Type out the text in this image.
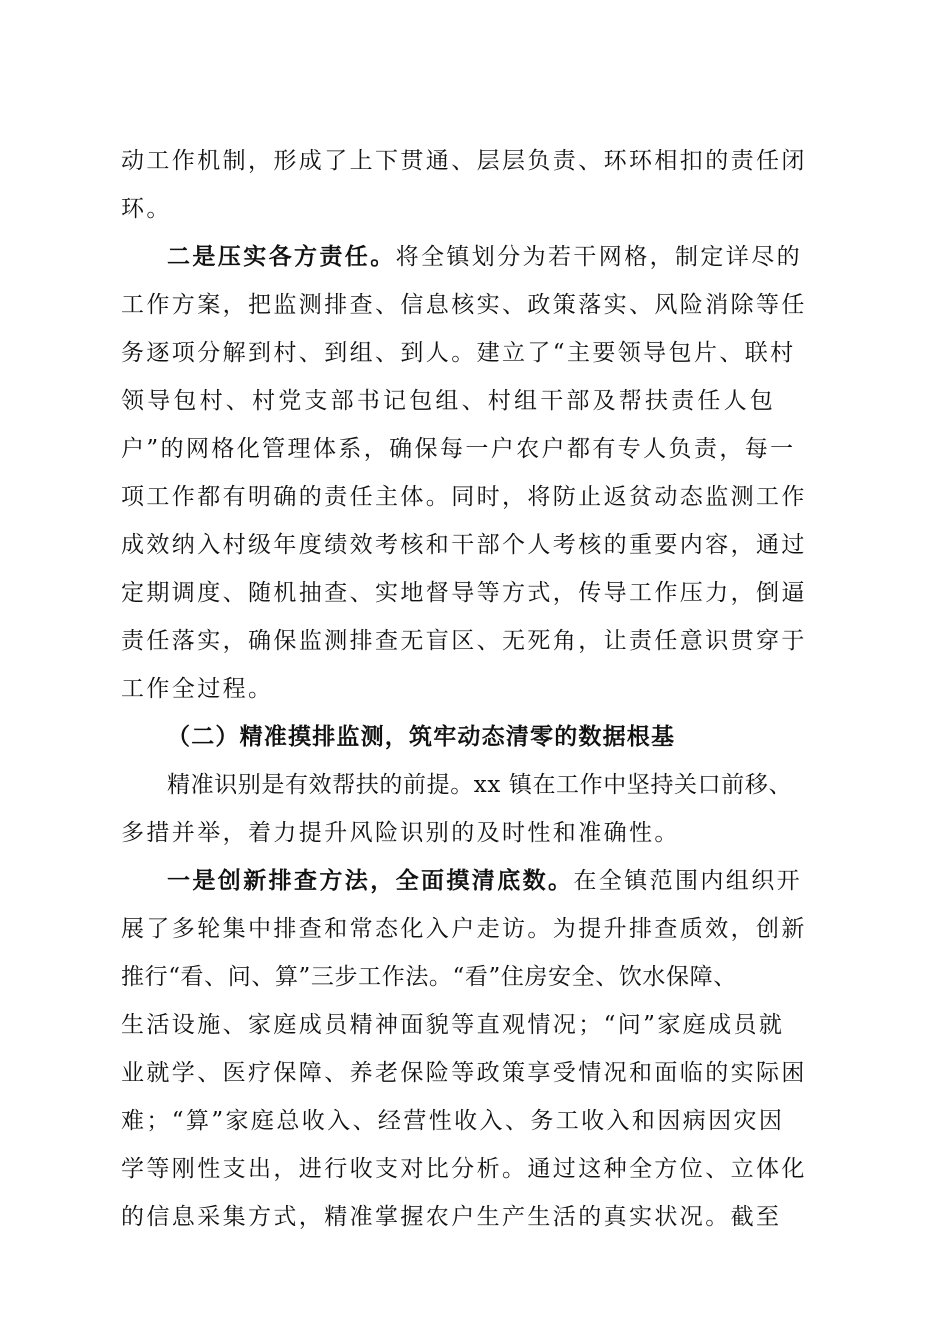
动工作机制，形成了上下贯通、层层负责、环环相扣的责任闭
环。
二是压实各方责任。将全镇划分为若干网格，制定详尽的
工作方案，把监测排查、信息核实、政策落实、风险消除等任
务逐项分解到村、到组、到人。建立了“主要领导包片、联村
领导包村、村党支部书记包组、村组干部及帮扶责任人包
户”的网格化管理体系，确保每一户农户都有专人负责，每一
项工作都有明确的责任主体。同时，将防止返贫动态监测工作
成效纳入村级年度绩效考核和干部个人考核的重要内容，通过
定期调度、随机抽查、实地督导等方式，传导工作压力，倒逼
责任落实，确保监测排查无盲区、无死角，让责任意识贯穿于
工作全过程。
（二）精准摸排监测，筑牢动态清零的数据根基
精准识别是有效帮扶的前提。xx 镇在工作中坚持关口前移、
多措并举，着力提升风险识别的及时性和准确性。
一是创新排查方法，全面摸清底数。在全镇范围内组织开
展了多轮集中排查和常态化入户走访。为提升排查质效，创新
推行“看、问、算”三步工作法。“看”住房安全、饮水保障、
生活设施、家庭成员精神面貌等直观情况；“问”家庭成员就
业就学、医疗保障、养老保险等政策享受情况和面临的实际困
难；“算”家庭总收入、经营性收入、务工收入和因病因灾因
学等刚性支出，进行收支对比分析。通过这种全方位、立体化
的信息采集方式，精准掌握农户生产生活的真实状况。截至
